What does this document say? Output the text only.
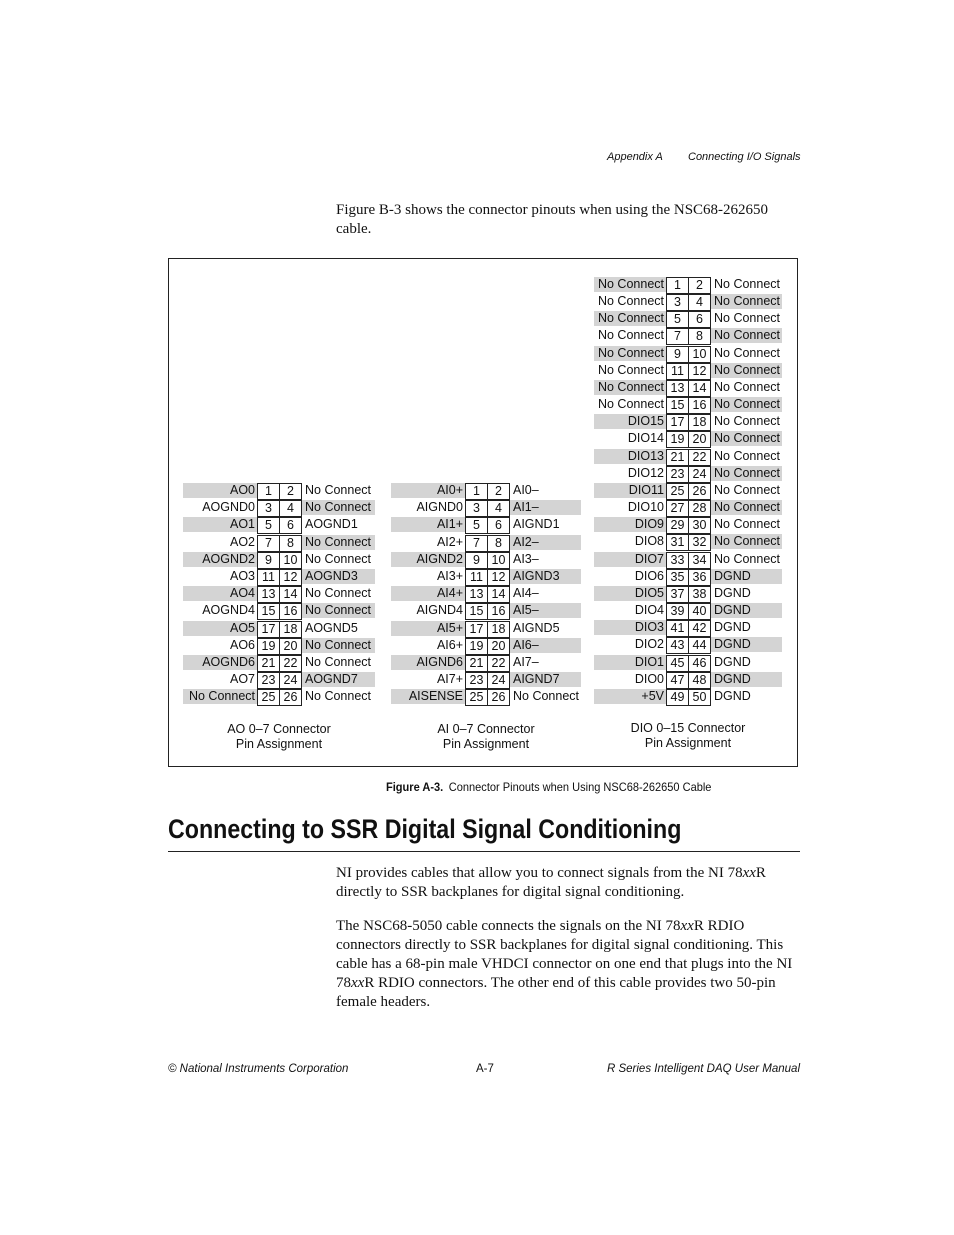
Appendix A Connecting I/O Signals

Figure B-3 shows the connector pinouts when using the NSC68-262650 cable.

AO0 1	2 No Connect
AOGND0 3	4 No Connect
AO1 5	6 AOGND1
AO2 7	8 No Connect
AOGND2 9 10 No Connect
AO3 11 12 AOGND3
AO4 13 14 No Connect
AOGND4 15 16 No Connect
AO5 17 18 AOGND5
AO6 19 20 No Connect
AOGND6 21 22 No Connect
AO7 23 24 AOGND7
No Connect 25 26 No Connect
AO 0–7 Connector
Pin Assignment
AI0+ 1	2 AI0–
AIGND0 3	4 AI1–
AI1+ 5	6 AIGND1
AI2+ 7	8 AI2–
AIGND2 9 10 AI3–
AI3+ 11 12 AIGND3
AI4+ 13 14 AI4–
AIGND4 15 16 AI5–
AI5+ 17 18 AIGND5
AI6+ 19 20 AI6–
AIGND6 21 22 AI7–
AI7+ 23 24 AIGND7
AISENSE 25 26 No Connect
AI 0–7 Connector
Pin Assignment
No Connect 1	2 No Connect
No Connect 3	4 No Connect
No Connect 5	6 No Connect
No Connect 7	8 No Connect
No Connect 9 10 No Connect
No Connect 11 12 No Connect
No Connect 13 14 No Connect
No Connect 15 16 No Connect
DIO15 17 18 No Connect
DIO14 19 20 No Connect
DIO13 21 22 No Connect
DIO12 23 24 No Connect
DIO11 25 26 No Connect
DIO10 27 28 No Connect
DIO9 29 30 No Connect
DIO8 31 32 No Connect
DIO7 33 34 No Connect
DIO6 35 36 DGND
DIO5 37 38 DGND
DIO4 39 40 DGND
DIO3 41 42 DGND
DIO2 43 44 DGND
DIO1 45 46 DGND
DIO0 47 48 DGND
+5V 49 50 DGND
DIO 0–15 Connector
Pin Assignment
Figure A-3. Connector Pinouts when Using NSC68-262650 Cable
Connecting to SSR Digital Signal Conditioning

NI provides cables that allow you to connect signals from the NI 78xxR directly to SSR backplanes for digital signal conditioning.

The NSC68-5050 cable connects the signals on the NI 78xxR RDIO connectors directly to SSR backplanes for digital signal conditioning. This cable has a 68-pin male VHDCI connector on one end that plugs into the NI 78xxR RDIO connectors. The other end of this cable provides two 50-pin female headers.

© National Instruments Corporation	A-7	R Series Intelligent DAQ User Manual
